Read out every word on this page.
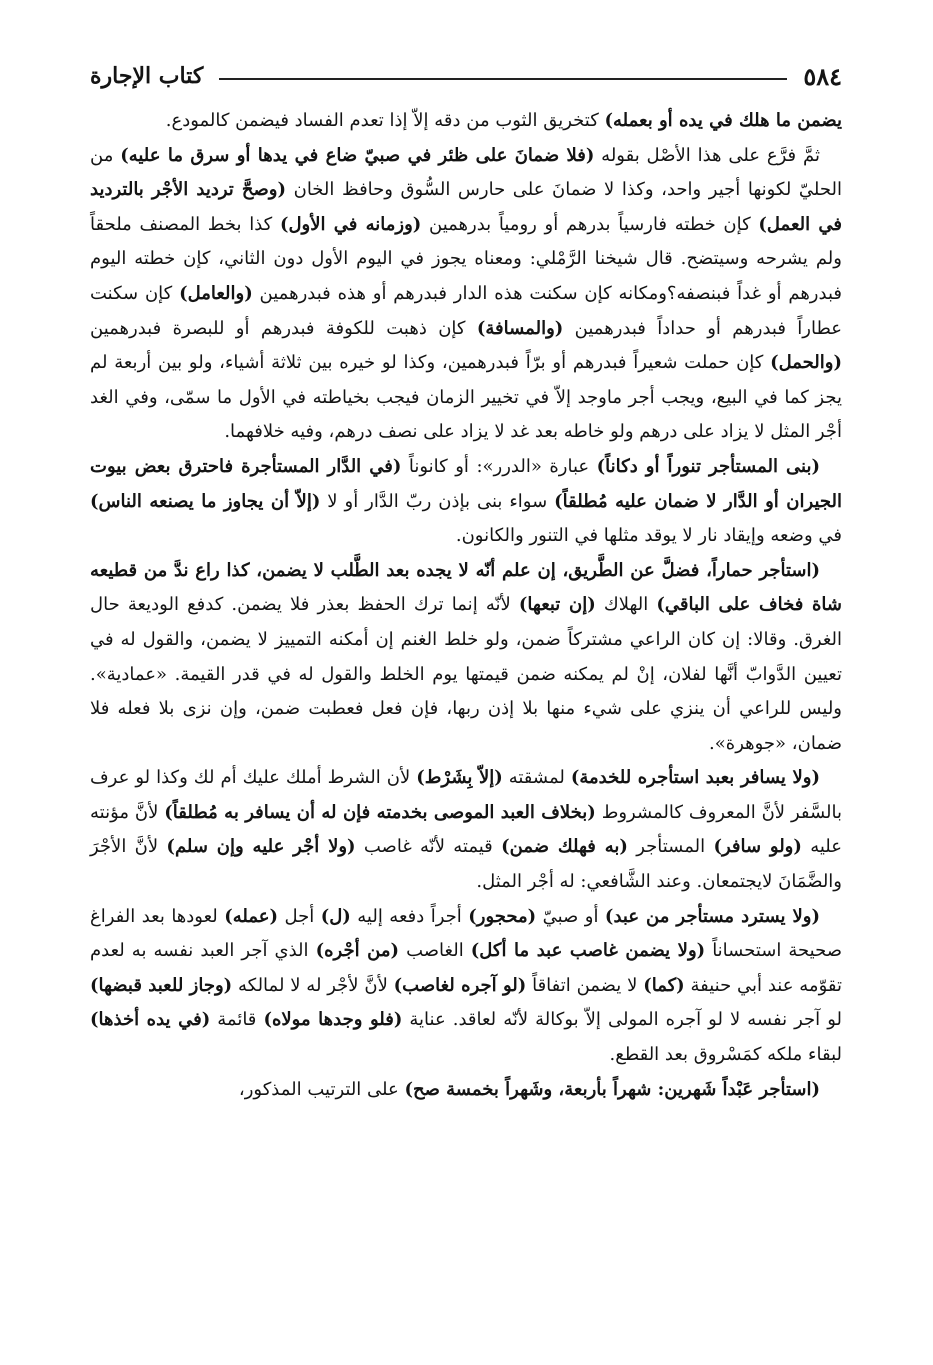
٥٨٤
كتاب الإجارة

يضمن ما هلك في يده أو بعمله) كتخريق الثوب من دقه إلاّ إذا تعدم الفساد فيضمن كالمودع.

ثمَّ فرَّع على هذا الأصْل بقوله (فلا ضمانَ على ظئر في صبيّ ضاع في يدها أو سرق ما عليه) من الحليّ لكونها أجير واحد، وكذا لا ضمانَ على حارس السُّوق وحافظ الخان (وصحَّ ترديد الأجْر بالترديد في العمل) كإن خطته فارسياً بدرهم أو رومياً بدرهمين (وزمانه في الأول) كذا بخط المصنف ملحقاً ولم يشرحه وسيتضح. قال شيخنا الرَّمْلي: ومعناه يجوز في اليوم الأول دون الثاني، كإن خطته اليوم فبدرهم أو غداً فبنصفه؟ومكانه كإن سكنت هذه الدار فبدرهم أو هذه فبدرهمين (والعامل) كإن سكنت عطاراً فبدرهم أو حداداً فبدرهمين (والمسافة) كإن ذهبت للكوفة فبدرهم أو للبصرة فبدرهمين (والحمل) كإن حملت شعيراً فبدرهم أو برّاً فبدرهمين، وكذا لو خيره بين ثلاثة أشياء، ولو بين أربعة لم يجز كما في البيع، ويجب أجر ماوجد إلاّ في تخيير الزمان فيجب بخياطته في الأول ما سمّى، وفي الغد أجْر المثل لا يزاد على درهم ولو خاطه بعد غد لا يزاد على نصف درهم، وفيه خلافهما.

(بنى المستأجر تنوراً أو دكاناً) عبارة «الدرر»: أو كانوناً (في الدَّار المستأجرة فاحترق بعض بيوت الجيران أو الدَّار لا ضمان عليه مُطلقاً) سواء بنى بإذن ربّ الدَّار أو لا (إلاّ أن يجاوز ما يصنعه الناس) في وضعه وإيقاد نار لا يوقد مثلها في التنور والكانون.

(استأجر حماراً، فضلَّ عن الطَّريق، إن علم أنّه لا يجده بعد الطَّلب لا يضمن، كذا راع ندَّ من قطيعه شاة فخاف على الباقي) الهلاك (إن تبعها) لأنّه إنما ترك الحفظ بعذر فلا يضمن. كدفع الوديعة حال الغرق. وقالا: إن كان الراعي مشتركاً ضمن، ولو خلط الغنم إن أمكنه التمييز لا يضمن، والقول له في تعيين الدَّوابّ أنَّها لفلان، إنْ لم يمكنه ضمن قيمتها يوم الخلط والقول له في قدر القيمة. «عمادية». وليس للراعي أن ينزي على شيء منها بلا إذن ربها، فإن فعل فعطبت ضمن، وإن نزى بلا فعله فلا ضمان، «جوهرة».

(ولا يسافر بعبد استأجره للخدمة) لمشقته (إلاّ بِشَرْط) لأن الشرط أملك عليك أم لك وكذا لو عرف بالسَّفر لأنَّ المعروف كالمشروط (بخلاف العبد الموصى بخدمته فإن له أن يسافر به مُطلقاً) لأنَّ مؤنته عليه (ولو سافر) المستأجر (به فهلك ضمن) قيمته لأنّه غاصب (ولا أجْر عليه وإن سلم) لأنَّ الأجْرَ والضَّمَانَ لايجتمعان. وعند الشَّافعي: له أجْر المثل.

(ولا يسترد مستأجر من عبد) أو صبيّ (محجور) أجراً دفعه إليه (ل) أجل (عمله) لعودها بعد الفراغ صحيحة استحساناً (ولا يضمن غاصب عبد ما أكل) الغاصب (من أجْره) الذي آجر العبد نفسه به لعدم تقوّمه عند أبي حنيفة (كما) لا يضمن اتفاقاً (لو آجره لغاصب) لأنَّ لأجْر له لا لمالكه (وجاز للعبد قبضها) لو آجر نفسه لا لو آجره المولى إلاّ بوكالة لأنّه لعاقد. عناية (فلو وجدها مولاه) قائمة (في يده أخذها) لبقاء ملكه كمَسْروق بعد القطع.

(استأجر عَبْداً شَهرين: شهراً بأربعة، وشَهراً بخمسة صح) على الترتيب المذكور،
